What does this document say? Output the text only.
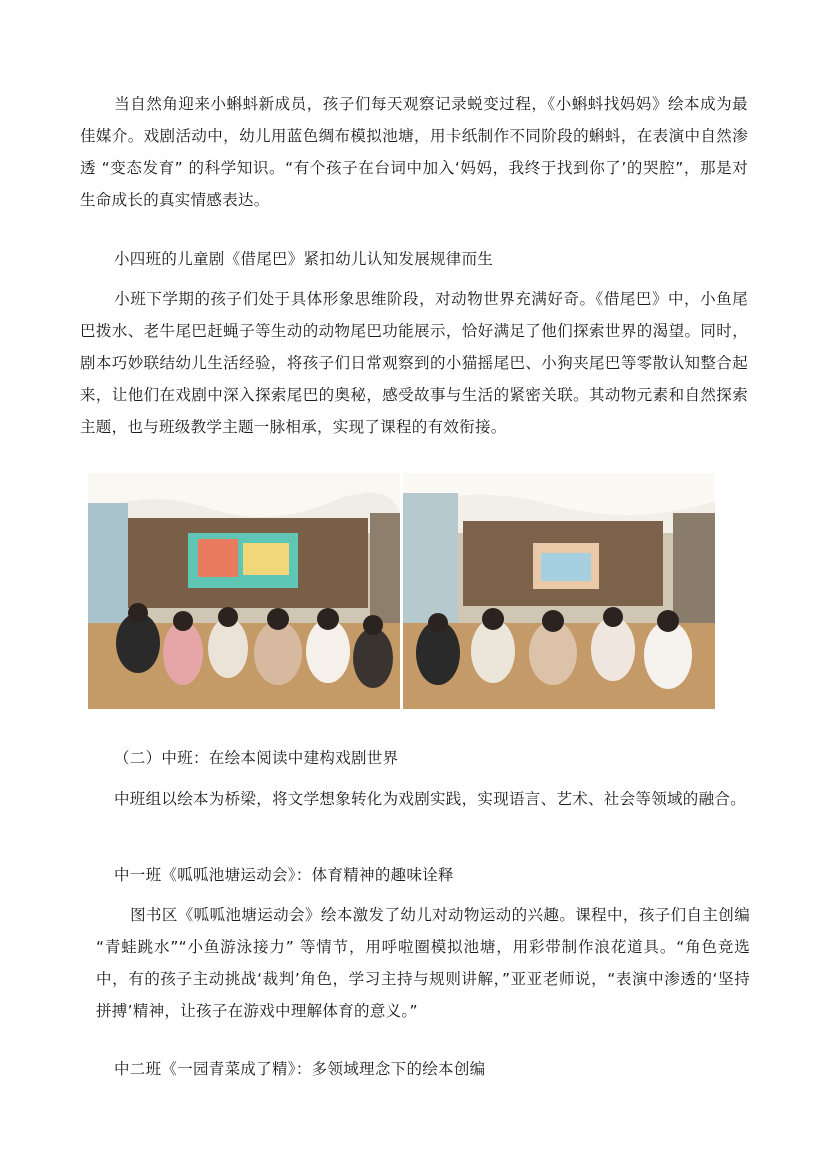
当自然角迎来小蝌蚪新成员，孩子们每天观察记录蜕变过程，《小蝌蚪找妈妈》绘本成为最佳媒介。戏剧活动中，幼儿用蓝色绸布模拟池塘，用卡纸制作不同阶段的蝌蚪，在表演中自然渗透 “变态发育” 的科学知识。“有个孩子在台词中加入‘妈妈，我终于找到你了’的哭腔”，那是对生命成长的真实情感表达。

小四班的儿童剧《借尾巴》紧扣幼儿认知发展规律而生

小班下学期的孩子们处于具体形象思维阶段，对动物世界充满好奇。《借尾巴》中，小鱼尾巴拨水、老牛尾巴赶蝇子等生动的动物尾巴功能展示，恰好满足了他们探索世界的渴望。同时，剧本巧妙联结幼儿生活经验，将孩子们日常观察到的小猫摇尾巴、小狗夹尾巴等零散认知整合起来，让他们在戏剧中深入探索尾巴的奥秘，感受故事与生活的紧密关联。其动物元素和自然探索主题，也与班级教学主题一脉相承，实现了课程的有效衔接。

（二）中班：在绘本阅读中建构戏剧世界

中班组以绘本为桥梁，将文学想象转化为戏剧实践，实现语言、艺术、社会等领域的融合。

中一班《呱呱池塘运动会》：体育精神的趣味诠释

图书区《呱呱池塘运动会》绘本激发了幼儿对动物运动的兴趣。课程中，孩子们自主创编 “青蛙跳水”“小鱼游泳接力” 等情节，用呼啦圈模拟池塘，用彩带制作浪花道具。“角色竞选中，有的孩子主动挑战‘裁判’角色，学习主持与规则讲解，”亚亚老师说，“表演中渗透的‘坚持拼搏’精神，让孩子在游戏中理解体育的意义。”

中二班《一园青菜成了精》：多领域理念下的绘本创编
